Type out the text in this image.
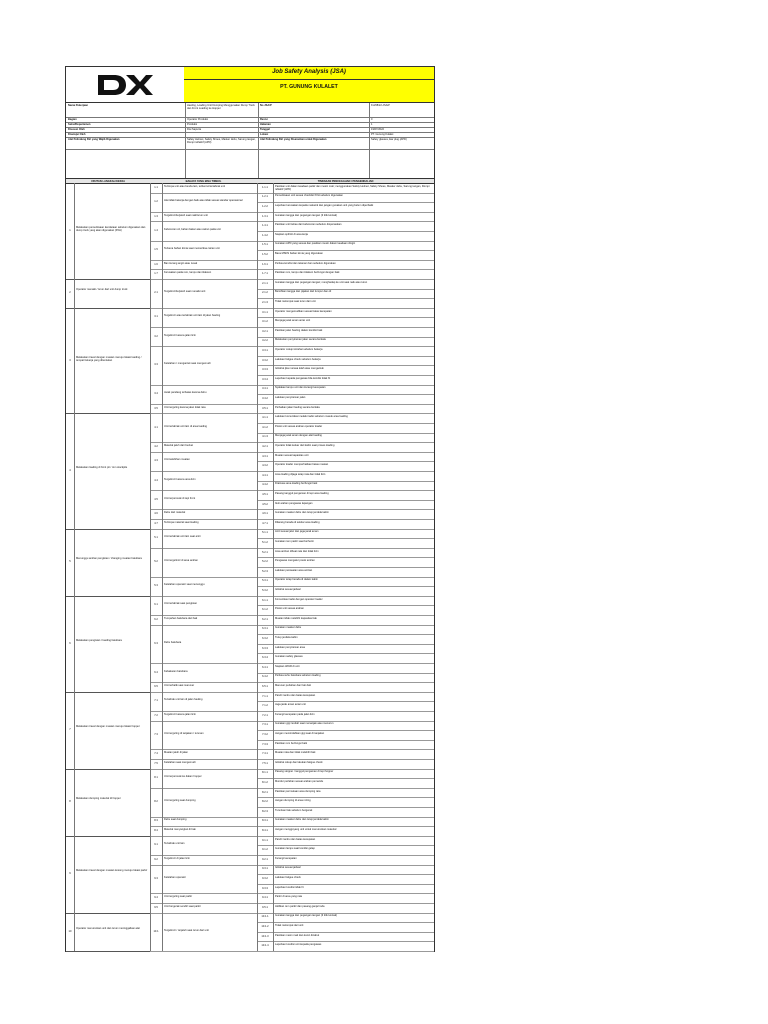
Job Safety Analysis (JSA)
PT. GUNUNG KULALET
Nama Pekerjaan	Hauling, Loading Unit Dumping Menggunakan Dump Truck dan Front Loading ke Hopper
No JSA/P	KU/08/22-JSA/P
Bagian	Operator Produksi	Revisi	0
Seksi/Departemen	Produksi	Halaman	1
Disusun Oleh	Dwi Saputra	Tanggal	19/07/2022
Disetujui Oleh	Lokasi	PT. Gunung Kulalet
Alat Pelindung Diri yang Wajib Digunakan	Safety Helmet, Safety Shoes, Masker debu, Sarung tangan, Rompi reflektif (APD)
Alat Pelindung Diri yang Disarankan untuk Digunakan	Safety glasses, Ear plug (APD)
URUTAN LANGKAH KERJA	BAHAYA YANG BISA TIMBUL	TINDAKAN PENCEGAHAN / PENGENDALIAN
1
Melakukan pemeriksaan kendaraan sebelum digunakan dan dump truck yang akan digunakan (P2H)
1.1	Tertimpa unit atau benda lain, terbentur/tertabrak unit	1.1.1	Pastikan unit dalam keadaan parkir dan mesin mati; menggunakan Safety Helmet, Safety Shoes, Masker debu, Sarung tangan, Rompi reflektif (APD)
1.2	Alat tidak bekerja dengan baik atau tidak sesuai standar operasional
1.2.1	Pemeriksaan unit sesuai checklist P2H sebelum digunakan
1.2.2	Laporkan kerusakan kepada mekanik dan jangan gunakan unit yang belum diperbaiki
1.3	Tergelincir/terjatuh saat naik/turun unit	1.3.1	Gunakan tangga dan pegangan tangan (3 titik kontak)
1.4	Kebocoran oli, bahan bakar atau cairan pada unit
1.4.1	Pastikan unit bebas dari kebocoran sebelum dioperasikan
1.4.2	Siapkan spill kit di area kerja
1.5	Terkena bahan kimia saat memeriksa cairan unit
1.5.1	Gunakan APD yang sesuai dan pastikan mesin dalam keadaan dingin
1.5.2	Baca MSDS bahan kimia yang digunakan
1.6	Ban kurang angin atau rusak	1.6.1	Periksa kondisi dan tekanan ban sebelum digunakan
1.7	Kerusakan pada rem, lampu dan klakson	1.7.1	Pastikan rem, lampu dan klakson berfungsi dengan baik
2
Operator menaiki / turun dari unit dump truck
2.1	Tergelincir/terjatuh saat menaiki unit
2.1.1	Gunakan tangga dan pegangan tangan; menghadap ke unit saat naik atau turun
2.1.2	Bersihkan tangga dan pijakan dari lumpur dan oli
2.1.3	Tidak melompat saat turun dari unit
3
Melakukan travel dengan muatan menuju lokasi loading / tempat bekerja yang ditentukan
3.1	Tergelincir atau tertabrak unit lain di jalan hauling
3.1.1	Operator mengemudikan sesuai batas kecepatan
3.1.2	Menjaga jarak aman antar unit
3.2	Tergelincir karena jalan licin
3.2.1	Pastikan jalan hauling dalam kondisi baik
3.2.2	Melakukan penyiraman jalan secara berkala
3.3	Kelelahan / mengantuk saat mengemudi
3.3.1	Operator cukup istirahat sebelum bekerja
3.3.2	Lakukan fatigue check sebelum bekerja
3.3.3	Istirahat jika merasa lelah atau mengantuk
3.3.4	Laporkan kepada pengawas bila kondisi tidak fit
3.4	Jarak pandang terbatas karena debu
3.4.1	Nyalakan lampu unit dan kurangi kecepatan
3.4.2	Lakukan penyiraman jalan
3.5	Unit terguling karena jalan tidak rata	3.5.1	Perbaikan jalan hauling secara berkala
4
Melakukan loading di front pit / rom stockpile
4.1	Unit tertabrak unit lain di area loading
4.1.1	Lakukan komunikasi melalui radio sebelum masuk area loading
4.1.2	Posisi unit sesuai arahan operator loader
4.1.3	Menjaga jarak aman dengan alat loading
4.2	Material jatuh dari bucket	4.2.1	Operator tidak keluar dari kabin saat proses loading
4.3	Unit kelebihan muatan
4.3.1	Muatan sesuai kapasitas unit
4.3.2	Operator loader memperhatikan batas muatan
4.4	Tergelincir karena area licin
4.4.1	Area loading dijaga tetap rata dan tidak licin
4.4.2	Drainase area loading berfungsi baik
4.5	Unit terperosok di tepi front
4.5.1	Pasang tanggul pengaman di tepi area loading
4.5.2	Ikuti arahan pengawas lapangan
4.6	Debu dari material	4.6.1	Gunakan masker debu dan tutup jendela kabin
4.7	Tertimpa material saat loading	4.7.1	Dilarang berada di sekitar area loading
5
Menunggu antrian pengisian / changing muatan batubara
5.1	Unit tertabrak unit lain saat antri
5.1.1	Antri sesuai jalur dan jaga jarak aman
5.1.2	Gunakan rem parkir saat berhenti
5.2	Unit tergelincir di area antrian
5.2.1	Area antrian dibuat rata dan tidak licin
5.2.2	Pengawas mengatur posisi antrian
5.2.3	Lakukan perawatan area antrian
5.3	Kelelahan operator saat menunggu
5.3.1	Operator tetap berada di dalam kabin
5.3.2	Istirahat sesuai jadwal
6
Melakukan pengisian / loading batubara
6.1	Unit tertabrak saat pengisian
6.1.1	Komunikasi radio dengan operator loader
6.1.2	Posisi unit sesuai arahan
6.2	Tumpahan batubara dari bak	6.2.1	Muatan tidak melebihi kapasitas bak
6.3	Debu batubara
6.3.1	Gunakan masker debu
6.3.2	Tutup jendela kabin
6.3.3	Lakukan penyiraman area
6.3.4	Gunakan safety glasses
6.4	Kebakaran batubara
6.4.1	Siapkan APAR di unit
6.4.2	Periksa suhu batubara sebelum loading
6.5	Unit terbalik saat manuver	6.5.1	Manuver perlahan dan hati-hati
7
Melakukan travel dengan muatan menuju lokasi hopper
7.1	Tertabrak unit lain di jalan hauling
7.1.1	Patuhi rambu dan batas kecepatan
7.1.2	Jaga jarak aman antar unit
7.2	Tergelincir karena jalan licin	7.2.1	Kurangi kecepatan pada jalan licin
7.3	Unit terguling di tanjakan / turunan
7.3.1	Gunakan gigi rendah saat menanjak atau menurun
7.3.2	Jangan memindahkan gigi saat di tanjakan
7.3.3	Pastikan rem berfungsi baik
7.4	Muatan jatuh di jalan	7.4.1	Muatan rata dan tidak melebihi bak
7.5	Kelelahan saat mengemudi	7.5.1	Istirahat cukup dan lakukan fatigue check
8
Melakukan dumping material di hopper
8.1	Unit terperosok ke dalam hopper
8.1.1	Pasang stopper / tanggul pengaman di tepi hopper
8.1.2	Mundur perlahan sesuai arahan pemandu
8.2	Unit terguling saat dumping
8.2.1	Pastikan permukaan area dumping rata
8.2.2	Jangan dumping di area miring
8.2.3	Turunkan bak sebelum bergerak
8.3	Debu saat dumping	8.3.1	Gunakan masker debu dan tutup jendela kabin
8.4	Material menyangkut di bak	8.4.1	Jangan menggoyang unit untuk menurunkan material
9
Melakukan travel dengan muatan kosong menuju lokasi parkir
9.1	Tertabrak unit lain
9.1.1	Patuhi rambu dan batas kecepatan
9.1.2	Gunakan lampu saat kondisi gelap
9.2	Tergelincir di jalan licin	9.2.1	Kurangi kecepatan
9.3	Kelelahan operator
9.3.1	Istirahat sesuai jadwal
9.3.2	Lakukan fatigue check
9.3.3	Laporkan kondisi tidak fit
9.4	Unit terguling saat parkir	9.4.1	Parkir di area yang rata
9.5	Unit bergerak sendiri saat parkir	9.5.1	Aktifkan rem parkir dan pasang ganjal roda
10
Operator menurunkan unit dan turun meninggalkan alat
10.1	Tergelincir / terjatuh saat turun dari unit
10.1.1	Gunakan tangga dan pegangan tangan (3 titik kontak)
10.1.2	Tidak melompat dari unit
10.1.3	Pastikan mesin mati dan kunci dicabut
10.1.4	Laporkan kondisi unit kepada pengawas
